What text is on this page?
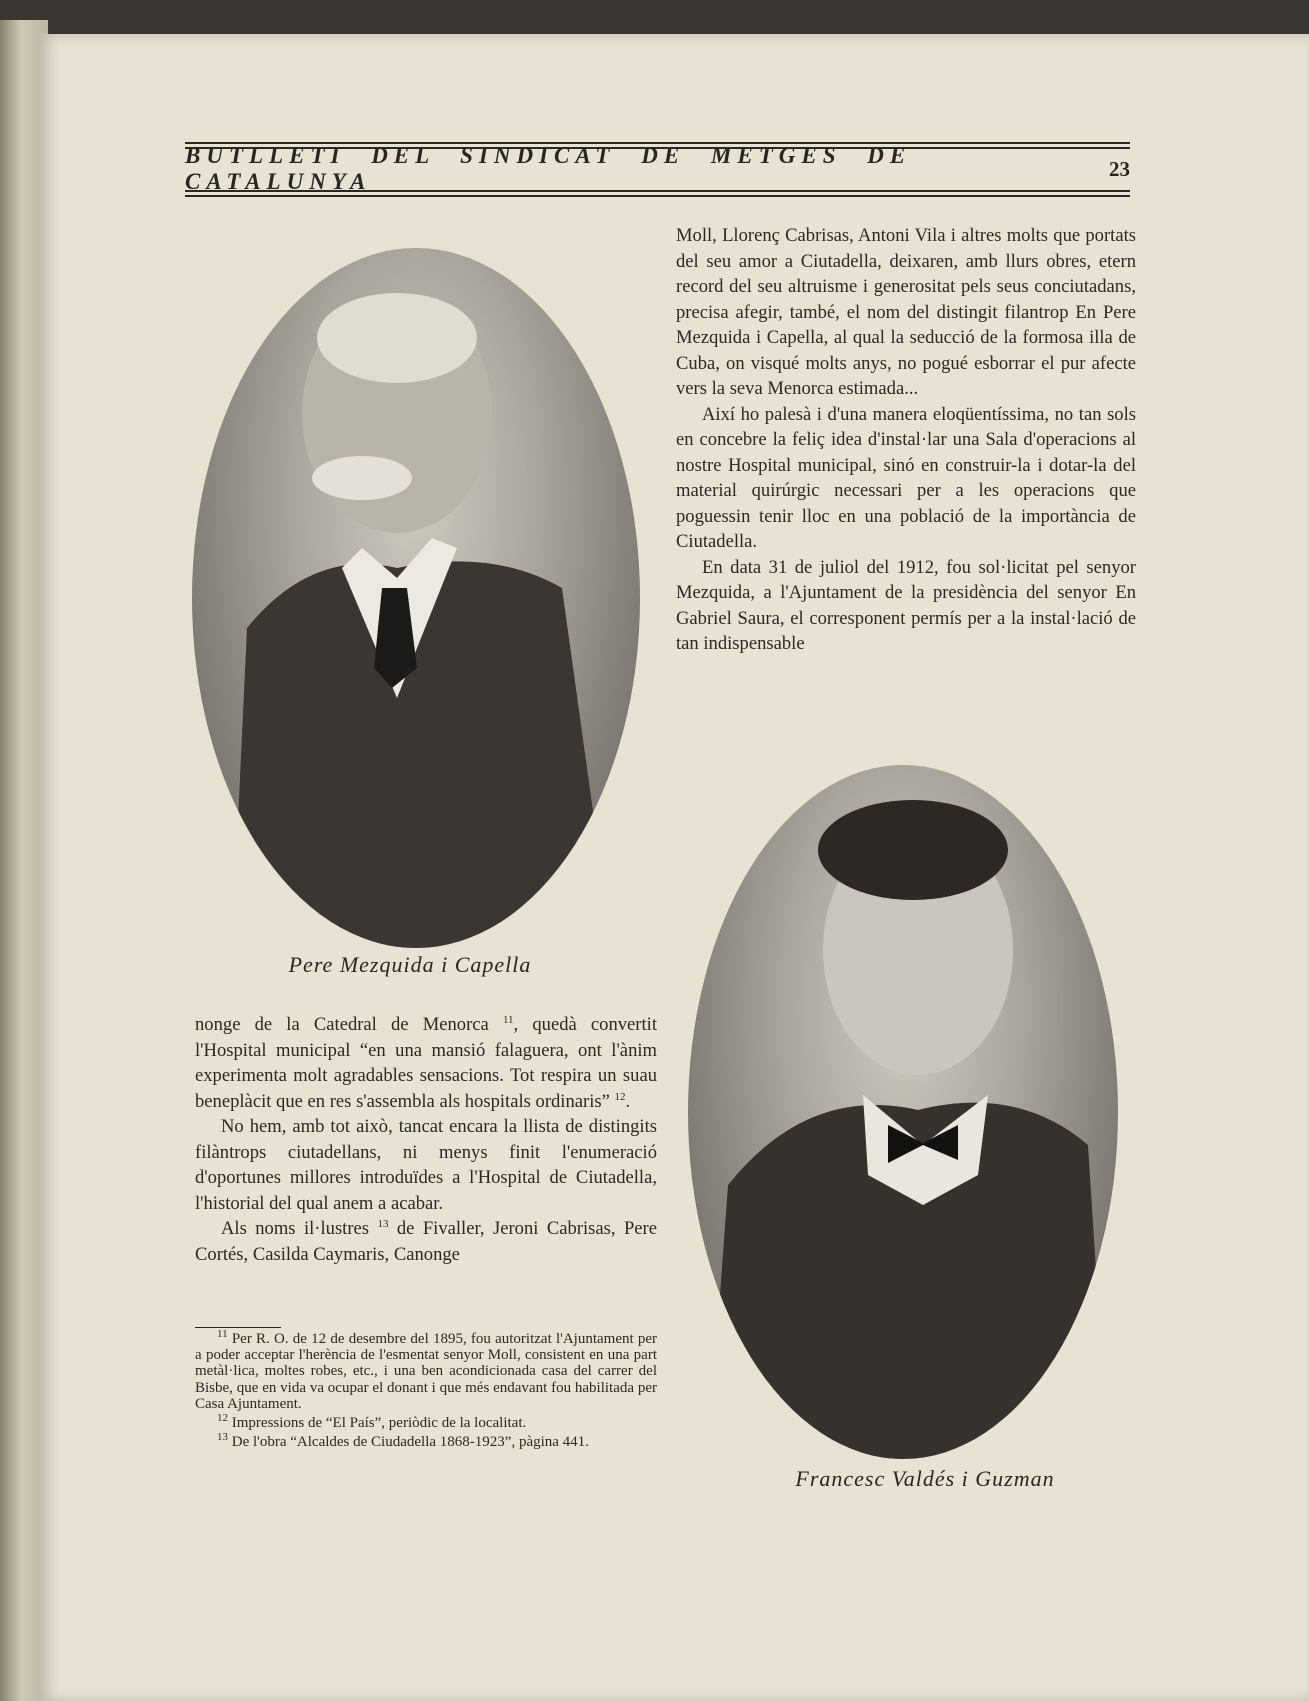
BUTLLETI DEL SINDICAT DE METGES DE CATALUNYA
23
Pere Mezquida i Capella
Francesc Valdés i Guzman

Moll, Llorenç Cabrisas, Antoni Vila i altres molts que portats del seu amor a Ciutadella, deixaren, amb llurs obres, etern record del seu altruisme i generositat pels seus conciutadans, precisa afegir, també, el nom del distingit filantrop En Pere Mezquida i Capella, al qual la seducció de la formosa illa de Cuba, on visqué molts anys, no pogué esborrar el pur afecte vers la seva Menorca estimada...

Així ho palesà i d'una manera eloqüentíssima, no tan sols en concebre la feliç idea d'instal·lar una Sala d'operacions al nostre Hospital municipal, sinó en construir-la i dotar-la del material quirúrgic necessari per a les operacions que poguessin tenir lloc en una població de la importància de Ciutadella.

En data 31 de juliol del 1912, fou sol·licitat pel senyor Mezquida, a l'Ajuntament de la presidència del senyor En Gabriel Saura, el corresponent permís per a la instal·lació de tan indispensable

nonge de la Catedral de Menorca $^{11}$, quedà convertit l'Hospital municipal “en una mansió falaguera, ont l'ànim experimenta molt agradables sensacions. Tot respira un suau beneplàcit que en res s'assembla als hospitals ordinaris” $^{12}$.

No hem, amb tot això, tancat encara la llista de distingits filàntrops ciutadellans, ni menys finit l'enumeració d'oportunes millores introduïdes a l'Hospital de Ciutadella, l'historial del qual anem a acabar.

Als noms il·lustres $^{13}$ de Fivaller, Jeroni Cabrisas, Pere Cortés, Casilda Caymaris, Canonge

$^{11}$ Per R. O. de 12 de desembre del 1895, fou autoritzat l'Ajuntament per a poder acceptar l'herència de l'esmentat senyor Moll, consistent en una part metàl·lica, moltes robes, etc., i una ben acondicionada casa del carrer del Bisbe, que en vida va ocupar el donant i que més endavant fou habilitada per Casa Ajuntament.

$^{12}$ Impressions de “El País”, periòdic de la localitat.

$^{13}$ De l'obra “Alcaldes de Ciudadella 1868-1923”, pàgina 441.
